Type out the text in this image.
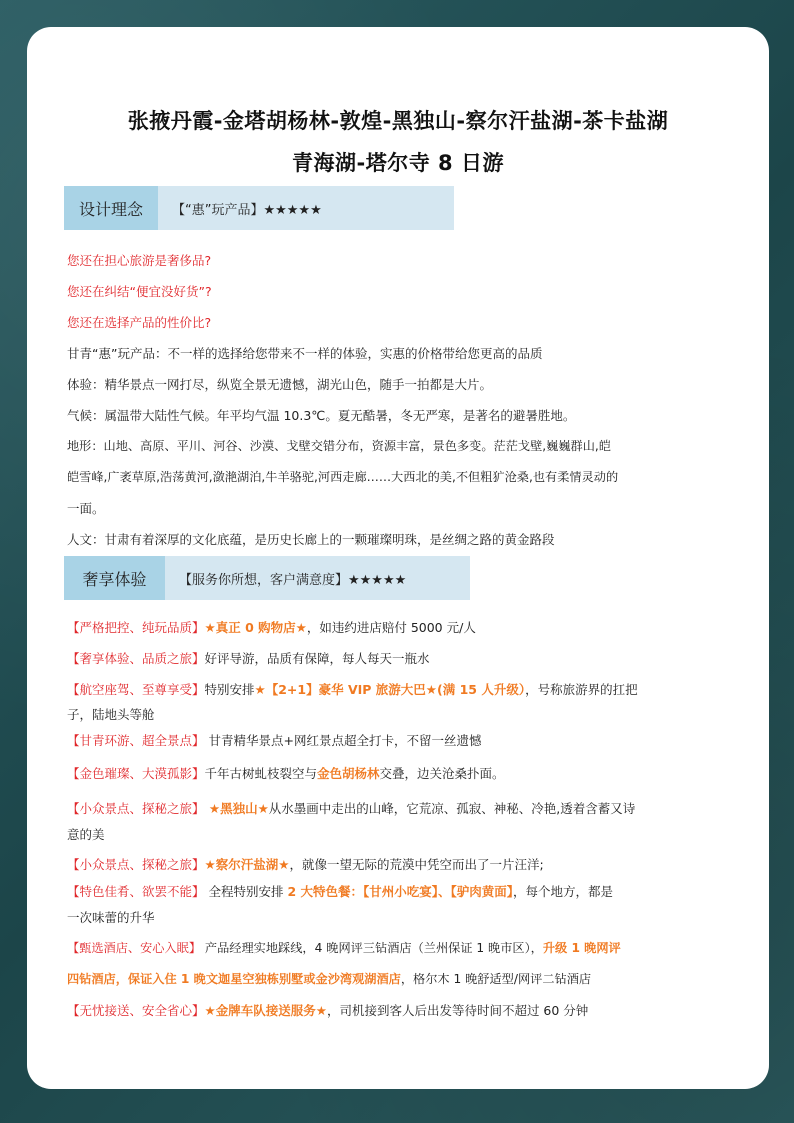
张掖丹霞-金塔胡杨林-敦煌-黑独山-察尔汗盐湖-茶卡盐湖
青海湖-塔尔寺 8 日游
设计理念	【“惠”玩产品】★★★★★
您还在担心旅游是奢侈品?
您还在纠结“便宜没好货”?
您还在选择产品的性价比?
甘青“惠”玩产品：不一样的选择给您带来不一样的体验，实惠的价格带给您更高的品质
体验：精华景点一网打尽，纵览全景无遗憾，湖光山色，随手一拍都是大片。
气候：属温带大陆性气候。年平均气温 10.3℃。夏无酷暑，冬无严寒，是著名的避暑胜地。
地形：山地、高原、平川、河谷、沙漠、戈壁交错分布，资源丰富，景色多变。茫茫戈壁,巍巍群山,皑
皑雪峰,广袤草原,浩荡黄河,潋滟湖泊,牛羊骆驼,河西走廊……大西北的美,不但粗犷沧桑,也有柔情灵动的
一面。
人文：甘肃有着深厚的文化底蕴，是历史长廊上的一颗璀璨明珠，是丝绸之路的黄金路段
奢享体验	【服务你所想，客户满意度】★★★★★
【严格把控、纯玩品质】★真正 0 购物店★，如违约进店赔付 5000 元/人
【奢享体验、品质之旅】好评导游，品质有保障，每人每天一瓶水
【航空座驾、至尊享受】特别安排★【2+1】豪华 VIP 旅游大巴★(满 15 人升级），号称旅游界的扛把
子，陆地头等舱
【甘青环游、超全景点】 甘青精华景点+网红景点超全打卡，不留一丝遗憾
【金色璀璨、大漠孤影】千年古树虬枝裂空与金色胡杨林交叠，边关沧桑扑面。
【小众景点、探秘之旅】 ★黑独山★从水墨画中走出的山峰，它荒凉、孤寂、神秘、冷艳,透着含蓄又诗
意的美
【小众景点、探秘之旅】★察尔汗盐湖★，就像一望无际的荒漠中凭空而出了一片汪洋;
【特色佳肴、欲罢不能】 全程特别安排 2 大特色餐：【甘州小吃宴】、【驴肉黄面】，每个地方，都是
一次味蕾的升华
【甄选酒店、安心入眠】 产品经理实地踩线，4 晚网评三钻酒店（兰州保证 1 晚市区），升级 1 晚网评
四钻酒店，保证入住 1 晚文迦星空独栋别墅或金沙湾观湖酒店，格尔木 1 晚舒适型/网评二钻酒店
【无忧接送、安全省心】★金牌车队接送服务★，司机接到客人后出发等待时间不超过 60 分钟
